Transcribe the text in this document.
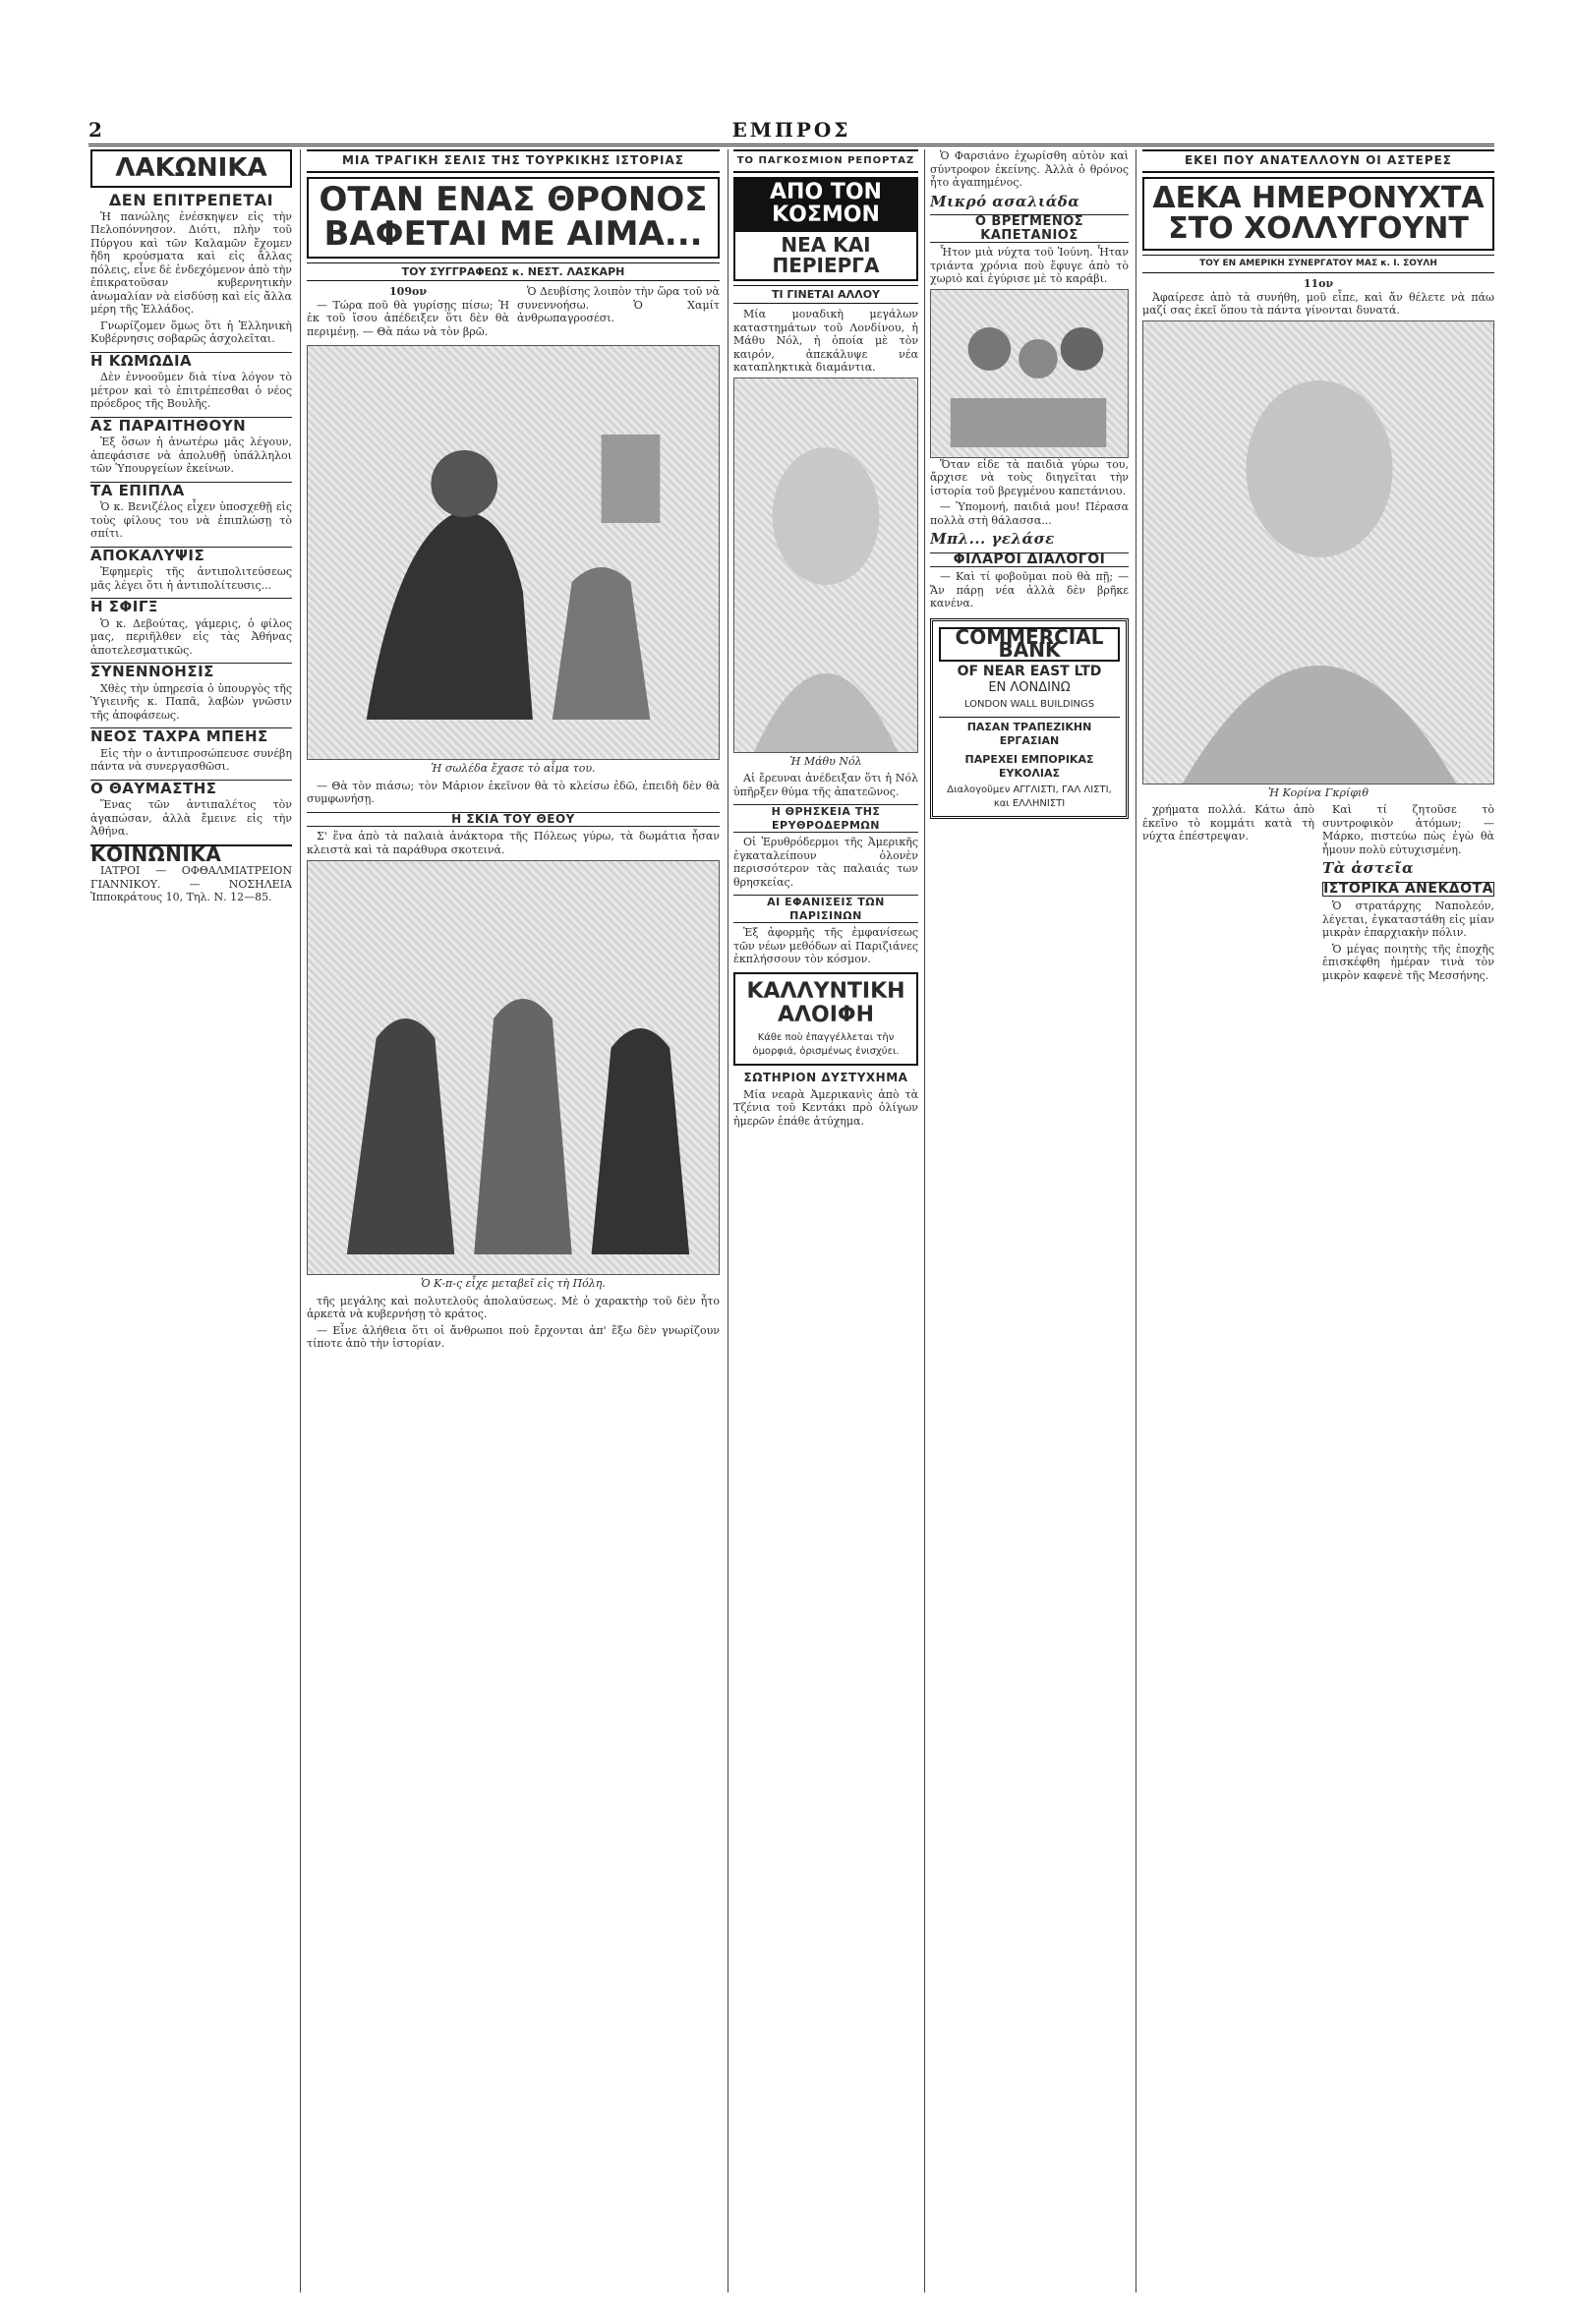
2	ΕΜΠΡΟΣ
ΛΑΚΩΝΙΚΑ
ΔΕΝ ΕΠΙΤΡΕΠΕΤΑΙ

Ἡ πανώλης ἐνέσκηψεν εἰς τὴν Πελοπόννησον. Διότι, πλὴν τοῦ Πύργου καὶ τῶν Καλαμῶν ἔχομεν ἤδη κρούσματα καὶ εἰς ἄλλας πόλεις, εἶνε δὲ ἐνδεχόμενον ἀπὸ τὴν ἐπικρατοῦσαν κυβερνητικὴν ἀνωμαλίαν νὰ εἰσδύσῃ καὶ εἰς ἄλλα μέρη τῆς Ἑλλάδος.

Γνωρίζομεν ὅμως ὅτι ἡ Ἑλληνικὴ Κυβέρνησις σοβαρῶς ἀσχολεῖται.

Η ΚΩΜΩΔΙΑ

Δὲν ἐννοοῦμεν διὰ τίνα λόγον τὸ μέτρον καὶ τὸ ἐπιτρέπεσθαι ὁ νέος πρόεδρος τῆς Βουλῆς.

ΑΣ ΠΑΡΑΙΤΗΘΟΥΝ

Ἐξ ὅσων ἡ ἀνωτέρω μᾶς λέγουν, ἀπεφάσισε νὰ ἀπολυθῇ ὑπάλληλοι τῶν Ὑπουργείων ἐκείνων.

ΤΑ ΕΠΙΠΛΑ

Ὁ κ. Βενιζέλος εἶχεν ὑποσχεθῇ εἰς τοὺς φίλους του νὰ ἐπιπλώσῃ τὸ σπίτι.

ΑΠΟΚΑΛΥΨΙΣ

Ἐφημερὶς τῆς ἀντιπολιτεύσεως μᾶς λέγει ὅτι ἡ ἀντιπολίτευσις...

Η ΣΦΙΓΞ

Ὁ κ. Δεβούτας, γάμερις, ὁ φίλος μας, περιῆλθεν εἰς τὰς Ἀθήνας ἀποτελεσματικῶς.

ΣΥΝΕΝΝΟΗΣΙΣ

Χθὲς τὴν ὑπηρεσία ὁ ὑπουργὸς τῆς Ὑγιεινῆς κ. Παπᾶ, λαβὼν γνῶσιν τῆς ἀποφάσεως.

ΝΕΟΣ ΤΑΧΡΑ ΜΠΕΗΣ

Εἰς τὴν ο ἀντιπροσώπευσε συνέβη πάντα νὰ συνεργασθῶσι.

Ο ΘΑΥΜΑΣΤΗΣ

Ἕνας τῶν ἀντιπαλέτος τὸν ἀγαπώσαν, ἀλλὰ ἔμεινε εἰς τὴν Ἀθήνα.

ΚΟΙΝΩΝΙΚΑ

ΙΑΤΡΟΙ — ΟΦΘΑΛΜΙΑΤΡΕΙΟΝ ΓΙΑΝΝΙΚΟΥ. — ΝΟΣΗΛΕΙΑ Ἰπποκράτους 10, Τηλ. Ν. 12—85.

ΜΙΑ ΤΡΑΓΙΚΗ ΣΕΛΙΣ ΤΗΣ ΤΟΥΡΚΙΚΗΣ ΙΣΤΟΡΙΑΣ
ΟΤΑΝ ΕΝΑΣ ΘΡΟΝΟΣ
ΒΑΦΕΤΑΙ ΜΕ ΑΙΜΑ...
ΤΟΥ ΣΥΓΓΡΑΦΕΩΣ κ. ΝΕΣΤ. ΛΑΣΚΑΡΗ
109ον

— Τώρα ποῦ θὰ γυρίσῃς πίσω; Ἡ ἐκ τοῦ ἴσου ἀπέδειξεν ὅτι δὲν θὰ περιμένῃ. — Θὰ πάω νὰ τὸν βρῶ.

Ὁ Δευβίσης λοιπὸν τὴν ὥρα τοῦ νὰ συνεννοήσω. Ὁ Χαμίτ ἀνθρωπαγροσέσι.

Ἡ σωλέδα ἔχασε τὸ αἷμα του.

— Θὰ τὸν πιάσω; τὸν Μάριον ἐκεῖνον θὰ τὸ κλείσω ἐδῶ, ἐπειδὴ δὲν θὰ συμφωνήσῃ.

Η ΣΚΙΑ ΤΟΥ ΘΕΟΥ

Σ' ἕνα ἀπὸ τὰ παλαιὰ ἀνάκτορα τῆς Πόλεως γύρω, τὰ δωμάτια ἦσαν κλειστὰ καὶ τὰ παράθυρα σκοτεινά.

Ὁ Κ-π-ς εἶχε μεταβεῖ εἰς τὴ Πόλη.

τῆς μεγάλης καὶ πολυτελοῦς ἀπολαύσεως. Μὲ ὁ χαρακτὴρ τοῦ δὲν ἦτο ἀρκετὰ νὰ κυβερνήσῃ τὸ κράτος.

— Εἶνε ἀλήθεια ὅτι οἱ ἄνθρωποι ποὺ ἔρχονται ἀπ' ἔξω δὲν γνωρίζουν τίποτε ἀπὸ τὴν ἱστορίαν.

ΤΟ ΠΑΓΚΟΣΜΙΟΝ ΡΕΠΟΡΤΑΖ
ΑΠΟ ΤΟΝ ΚΟΣΜΟΝ
ΝΕΑ ΚΑΙ ΠΕΡΙΕΡΓΑ
ΤΙ ΓΙΝΕΤΑΙ ΑΛΛΟΥ

Μία μοναδικὴ μεγάλων καταστημάτων τοῦ Λονδίνου, ἡ Μάθυ Νόλ, ἡ ὁποία μὲ τὸν καιρόν, ἀπεκάλυψε νέα καταπληκτικὰ διαμάντια.

Ἡ Μάθυ Νόλ

Αἱ ἔρευναι ἀνέδειξαν ὅτι ἡ Νόλ ὑπῆρξεν θύμα τῆς ἀπατεῶνος.

Η ΘΡΗΣΚΕΙΑ ΤΗΣ ΕΡΥΘΡΟΔΕΡΜΩΝ

Οἱ Ἐρυθρόδερμοι τῆς Ἀμερικῆς ἐγκαταλείπουν ὁλονὲν περισσότερον τὰς παλαιάς των θρησκείας.

ΑΙ ΕΦΑΝΙΣΕΙΣ ΤΩΝ ΠΑΡΙΣΙΝΩΝ

Ἐξ ἀφορμῆς τῆς ἐμφανίσεως τῶν νέων μεθόδων αἱ Παριζιάνες ἐκπλήσσουν τὸν κόσμον.

ΚΑΛΛΥΝΤΙΚΗ ΑΛΟΙΦΗ
Κάθε ποὺ ἐπαγγέλλεται τὴν ὀμορφιά, ὀρισμένως ἐνισχύει.
ΣΩΤΗΡΙΟΝ ΔΥΣΤΥΧΗΜΑ

Μία νεαρὰ Ἀμερικανὶς ἀπὸ τὰ Τζένια τοῦ Κεντάκι πρὸ ὀλίγων ἡμερῶν ἐπάθε ἀτύχημα.

Ὁ Φαρσιάνο ἐχωρίσθη αὐτὸν καὶ σύντροφον ἐκείνης. Ἀλλὰ ὁ θρόνος ἦτο ἀγαπημένος.

Μικρό ασαλιάδα
Ο ΒΡΕΓΜΕΝΟΣ ΚΑΠΕΤΑΝΙΟΣ

Ἦτον μιὰ νύχτα τοῦ Ἰούνη. Ἦταν τριάντα χρόνια ποὺ ἔφυγε ἀπὸ τὸ χωριὸ καὶ ἐγύρισε μὲ τὸ καράβι.

Ὅταν εἶδε τὰ παιδιὰ γύρω του, ἄρχισε νὰ τοὺς διηγεῖται τὴν ἱστορία τοῦ βρεγμένου καπετάνιου.

— Ὑπομονή, παιδιά μου! Πέρασα πολλὰ στὴ θάλασσα...

Μπλ... γελάσε
ΦΙΛΑΡΟΙ ΔΙΑΛΟΓΟΙ

— Καὶ τί φοβοῦμαι ποὺ θὰ πῇ; — Ἄν πάρῃ νέα ἀλλὰ δὲν βρῆκε κανένα.

COMMERCIAL BANK
OF NEAR EAST LTD
ΕΝ ΛΟΝΔΙΝΩ
LONDON WALL BUILDINGS
ΠΑΣΑΝ ΤΡΑΠΕΖΙΚΗΝ ΕΡΓΑΣΙΑΝ
ΠΑΡΕΧΕΙ ΕΜΠΟΡΙΚΑΣ ΕΥΚΟΛΙΑΣ
Διαλογοῦμεν ΑΓΓΛΙΣΤΙ, ΓΑΛ ΛΙΣΤΙ, και ΕΛΛΗΝΙΣΤΙ
ΕΚΕΙ ΠΟΥ ΑΝΑΤΕΛΛΟΥΝ ΟΙ ΑΣΤΕΡΕΣ
ΔΕΚΑ ΗΜΕΡΟΝΥΧΤΑ
ΣΤΟ ΧΟΛΛΥΓΟΥΝΤ
ΤΟΥ ΕΝ ΑΜΕΡΙΚΗ ΣΥΝΕΡΓΑΤΟΥ ΜΑΣ κ. Ι. ΣΟΥΛΗ
11ον

Ἀφαίρεσε ἀπὸ τὰ συνήθη, μοῦ εἶπε, καὶ ἄν θέλετε νὰ πάω μαζί σας ἐκεῖ ὅπου τὰ πάντα γίνονται δυνατά.

Ἡ Κορίνα Γκρίφιθ

χρήματα πολλά. Κάτω ἀπὸ ἐκεῖνο τὸ κομμάτι κατὰ τὴ νύχτα ἐπέστρεψαν.

Καὶ τί ζητοῦσε τὸ συντροφικὸν ἀτόμων; — Μάρκο, πιστεύω πὼς ἐγὼ θὰ ἦμουν πολὺ εὐτυχισμένη.

Τὰ ἀστεῖα
ΙΣΤΟΡΙΚΑ ΑΝΕΚΔΟΤΑ

Ὁ στρατάρχης Ναπολεόν, λέγεται, ἐγκαταστάθη εἰς μίαν μικρὰν ἐπαρχιακὴν πόλιν.

Ὁ μέγας ποιητὴς τῆς ἐποχῆς ἐπισκέφθη ἡμέραν τινὰ τὸν μικρὸν καφενὲ τῆς Μεσσήνης.
